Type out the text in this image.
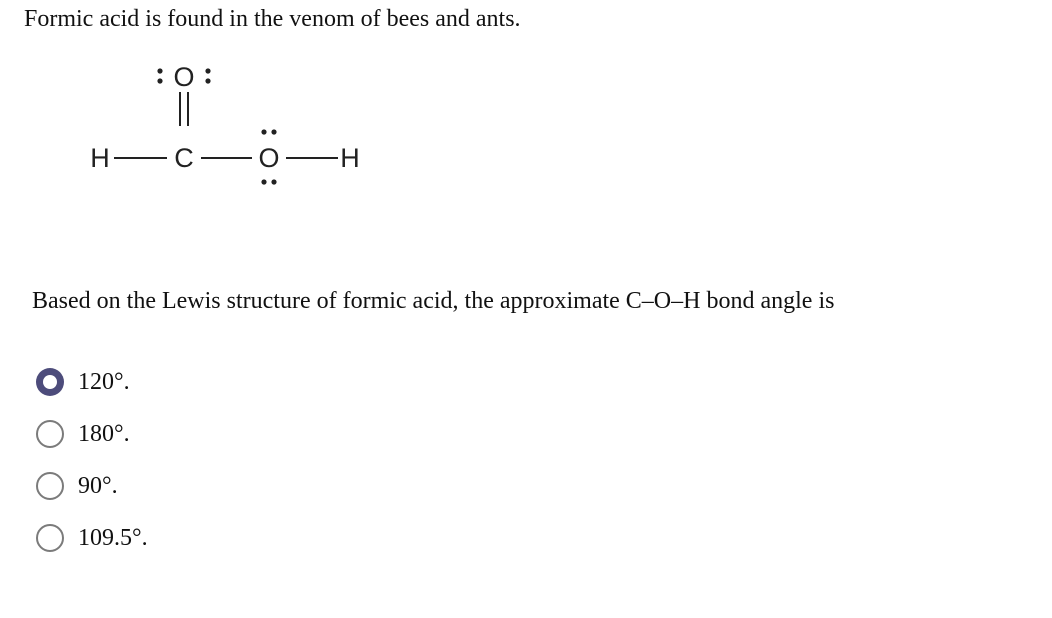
Formic acid is found in the venom of bees and ants.
O
H C O H
Based on the Lewis structure of formic acid, the approximate C–O–H bond angle is
120°.
180°.
90°.
109.5°.
